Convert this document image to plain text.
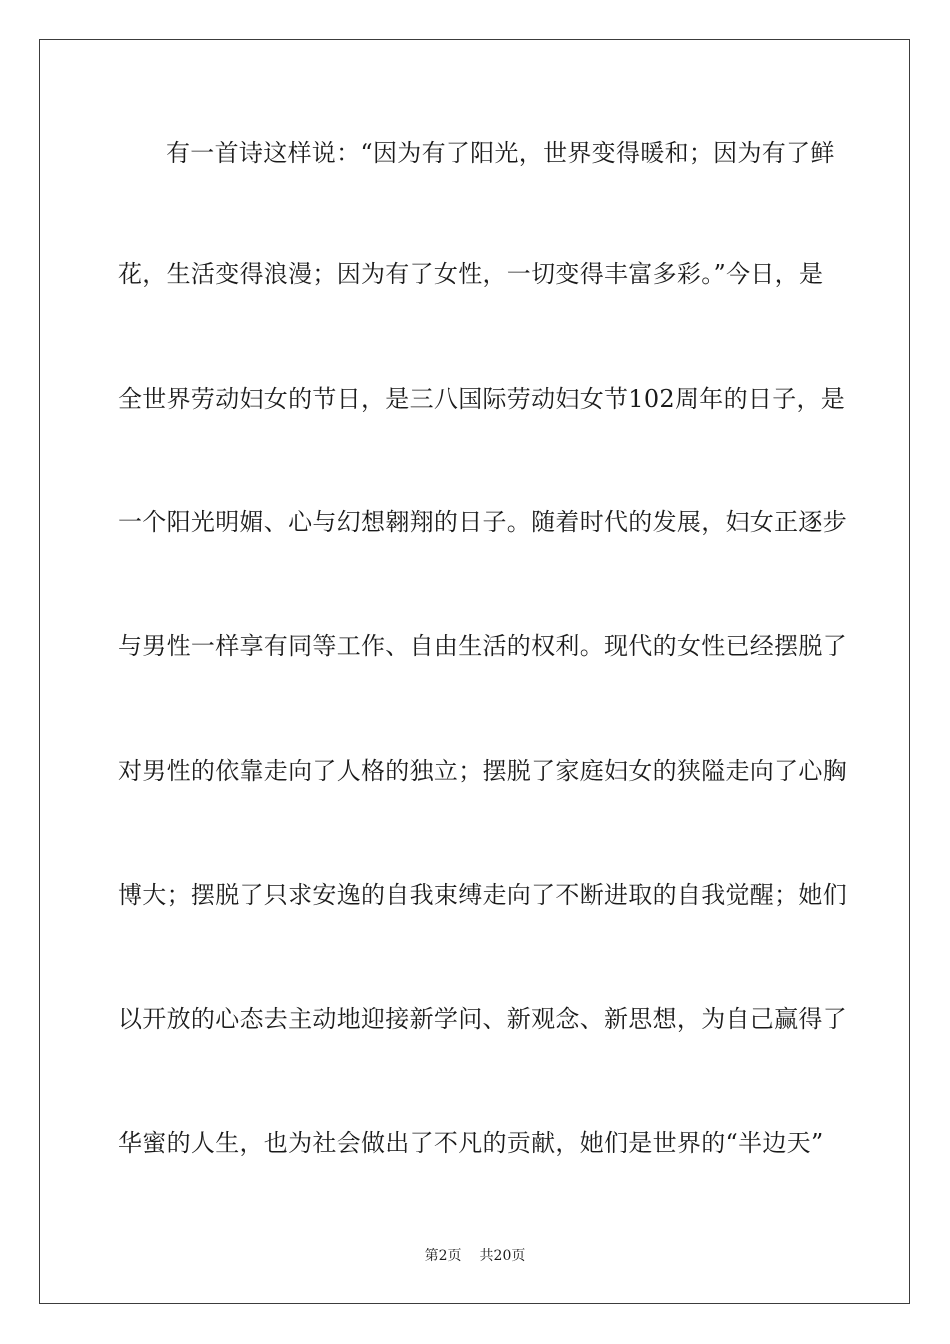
有一首诗这样说：“因为有了阳光，世界变得暖和；因为有了鲜
花，生活变得浪漫；因为有了女性，一切变得丰富多彩。”今日，是
全世界劳动妇女的节日，是三八国际劳动妇女节102周年的日子，是
一个阳光明媚、心与幻想翱翔的日子。随着时代的发展，妇女正逐步
与男性一样享有同等工作、自由生活的权利。现代的女性已经摆脱了
对男性的依靠走向了人格的独立；摆脱了家庭妇女的狭隘走向了心胸
博大；摆脱了只求安逸的自我束缚走向了不断进取的自我觉醒；她们
以开放的心态去主动地迎接新学问、新观念、新思想，为自己赢得了
华蜜的人生，也为社会做出了不凡的贡献，她们是世界的“半边天”
第2页 共20页
